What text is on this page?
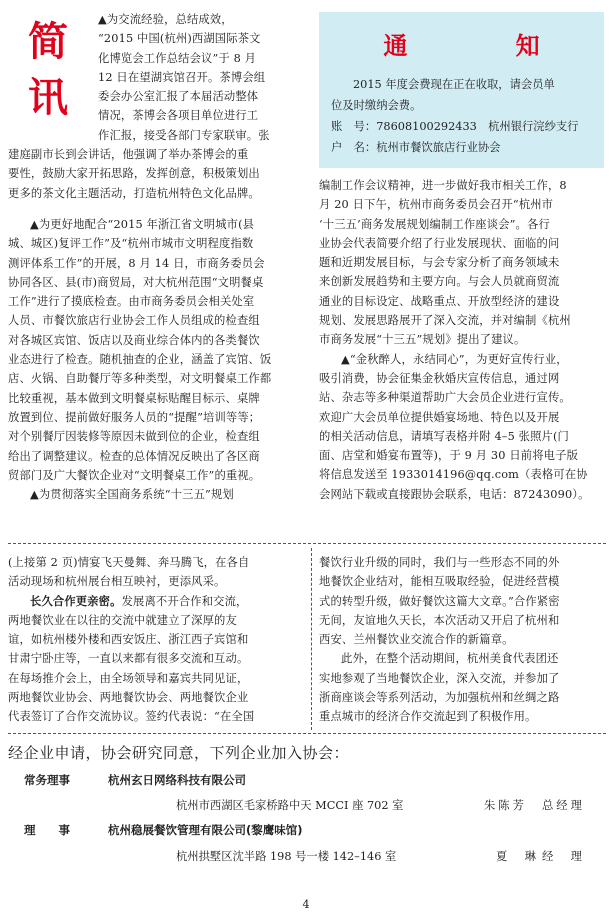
简
讯
▲为交流经验，总结成效，
“2015 中国(杭州)西湖国际茶文
化博览会工作总结会议”于 8 月
12 日在望湖宾馆召开。茶博会组
委会办公室汇报了本届活动整体
情况，茶博会各项目单位进行工
作汇报，接受各部门专家联审。张
建庭副市长到会讲话，他强调了举办茶博会的重
要性，鼓励大家开拓思路，发挥创意，积极策划出
更多的茶文化主题活动，打造杭州特色文化品牌。
▲为更好地配合“2015 年浙江省文明城市(县
城、城区)复评工作”及“杭州市城市文明程度指数
测评体系工作”的开展，8 月 14 日，市商务委员会
协同各区、县(市)商贸局，对大杭州范围“文明餐桌
工作”进行了摸底检查。由市商务委员会相关处室
人员、市餐饮旅店行业协会工作人员组成的检查组
对各城区宾馆、饭店以及商业综合体内的各类餐饮
业态进行了检查。随机抽查的企业，涵盖了宾馆、饭
店、火锅、自助餐厅等多种类型，对文明餐桌工作都
比较重视，基本做到文明餐桌标贴醒目标示、桌牌
放置到位、提前做好服务人员的“提醒”培训等等；
对个别餐厅因装修等原因未做到位的企业，检查组
给出了调整建议。检查的总体情况反映出了各区商
贸部门及广大餐饮企业对“文明餐桌工作”的重视。
▲为贯彻落实全国商务系统“十三五”规划
通 知
2015 年度会费现在正在收取，请会员单
位及时缴纳会费。
账　号：78608100292433　杭州银行浣纱支行
户　名：杭州市餐饮旅店行业协会
编制工作会议精神，进一步做好我市相关工作，8
月 20 日下午，杭州市商务委员会召开“杭州市
‘十三五’商务发展规划编制工作座谈会”。各行
业协会代表简要介绍了行业发展现状、面临的问
题和近期发展目标，与会专家分析了商务领域未
来创新发展趋势和主要方向。与会人员就商贸流
通业的目标设定、战略重点、开放型经济的建设
规划、发展思路展开了深入交流，并对编制《杭州
市商务发展“十三五”规划》提出了建议。
▲“金秋醉人，永结同心”，为更好宣传行业，
吸引消费，协会征集金秋婚庆宣传信息，通过网
站、杂志等多种渠道帮助广大会员企业进行宣传。
欢迎广大会员单位提供婚宴场地、特色以及开展
的相关活动信息，请填写表格并附 4–5 张照片(门
面、店堂和婚宴布置等)，于 9 月 30 日前将电子版
将信息发送至 1933014196@qq.com（表格可在协
会网站下载或直接跟协会联系，电话：87243090）。
(上接第 2 页)情宴飞天曼舞、奔马腾飞，在各自
活动现场和杭州展台相互映衬，更添风采。
长久合作更亲密。发展离不开合作和交流，
两地餐饮业在以往的交流中就建立了深厚的友
谊，如杭州楼外楼和西安饭庄、浙江西子宾馆和
甘肃宁卧庄等，一直以来都有很多交流和互动。
在每场推介会上，由全场领导和嘉宾共同见证，
两地餐饮业协会、两地餐饮协会、两地餐饮企业
代表签订了合作交流协议。签约代表说：“在全国
餐饮行业升级的同时，我们与一些形态不同的外
地餐饮企业结对，能相互吸取经验，促进经营模
式的转型升级，做好餐饮这篇大文章。”合作紧密
无间，友谊地久天长，本次活动又开启了杭州和
西安、兰州餐饮业交流合作的新篇章。
此外，在整个活动期间，杭州美食代表团还
实地参观了当地餐饮企业，深入交流，并参加了
浙商座谈会等系列活动，为加强杭州和丝绸之路
重点城市的经济合作交流起到了积极作用。
经企业申请，协会研究同意，下列企业加入协会：
常务理事	杭州玄日网络科技有限公司
杭州市西湖区毛家桥路中天 MCCI 座 702 室	朱陈芳 总经理
理　　事	杭州稳展餐饮管理有限公司(黎鹰味馆)
杭州拱墅区沈半路 198 号一楼 142–146 室	夏　琳 经　理
4
